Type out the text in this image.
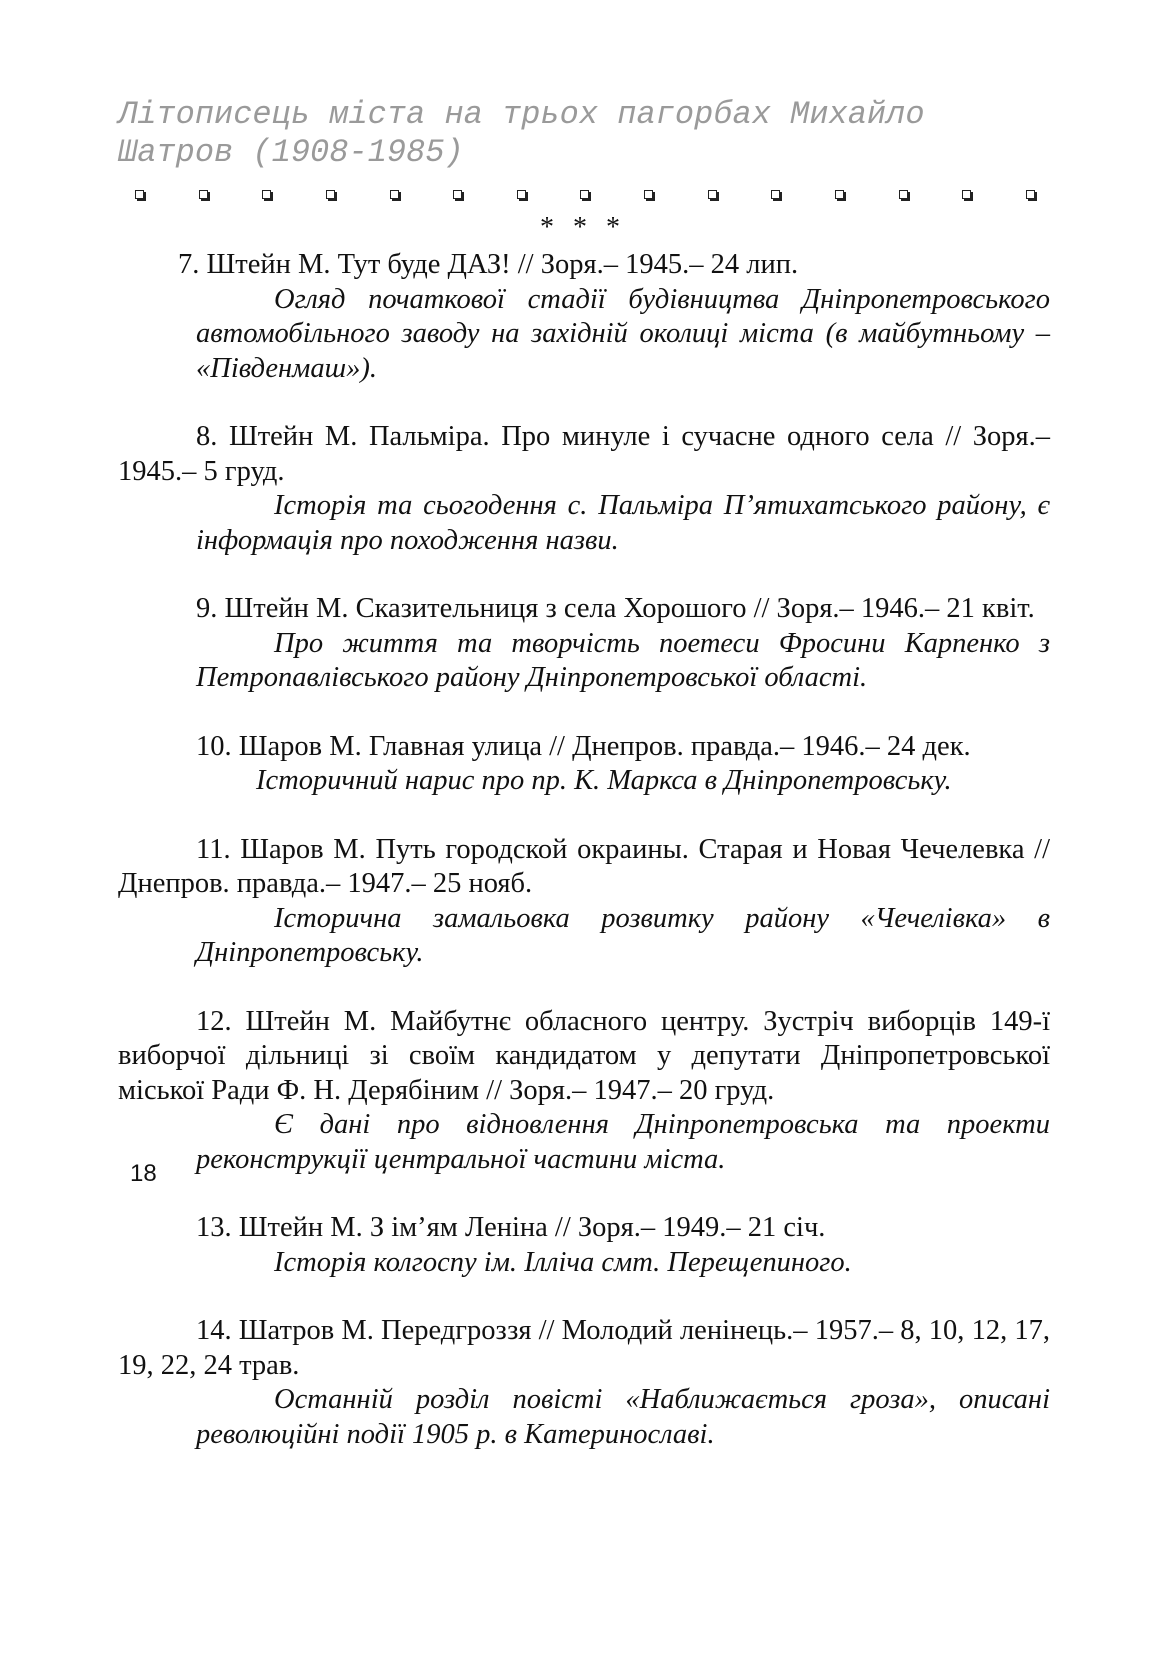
Літописець міста на трьох пагорбах Михайло Шатров (1908-1985)
* * *

7. Штейн М. Тут буде ДАЗ! // Зоря.– 1945.– 24 лип.

Огляд початкової стадії будівництва Дніпропетровського автомобільного заводу на західній околиці міста (в майбутньому – «Південмаш»).

8. Штейн М. Пальміра. Про минуле і сучасне одного села // Зоря.– 1945.– 5 груд.

Історія та сьогодення с. Пальміра П’ятихатського району, є інформація про походження назви.

9. Штейн М. Сказительниця з села Хорошого // Зоря.– 1946.– 21 квіт.

Про життя та творчість поетеси Фросини Карпенко з Петропавлівського району Дніпропетровської області.

10. Шаров М. Главная улица // Днепров. правда.– 1946.– 24 дек.

Історичний нарис про пр. К. Маркса в Дніпропетровську.

11. Шаров М. Путь городской окраины. Старая и Новая Чечелевка // Днепров. правда.– 1947.– 25 нояб.

Історична замальовка розвитку району «Чечелівка» в Дніпропетровську.

12. Штейн М. Майбутнє обласного центру. Зустріч виборців 149-ї виборчої дільниці зі своїм кандидатом у депутати Дніпропетровської міської Ради Ф. Н. Дерябіним // Зоря.– 1947.– 20 груд.

Є дані про відновлення Дніпропетровська та проекти реконструкції центральної частини міста.

13. Штейн М. З ім’ям Леніна // Зоря.– 1949.– 21 січ.

Історія колгоспу ім. Ілліча смт. Перещепиного.

14. Шатров М. Передгроззя // Молодий ленінець.– 1957.– 8, 10, 12, 17, 19, 22, 24 трав.

Останній розділ повісті «Наближається гроза», описані революційні події 1905 р. в Катеринославі.

18
